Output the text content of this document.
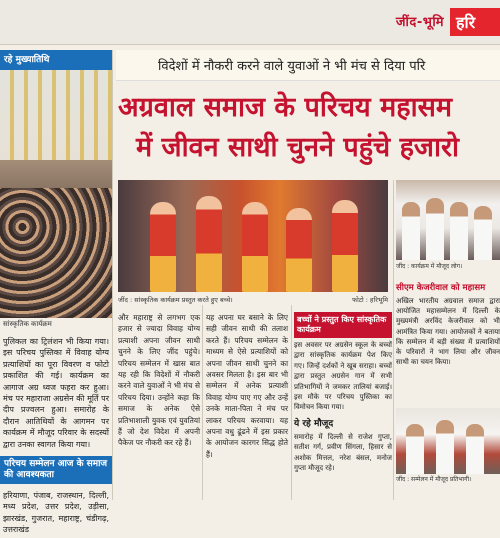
जींद-भूमि हरि
रहे मुख्यातिथि
सांस्कृतिक कार्यक्रम
पुलिकल का ट्रिलंशन भी किया गया। इस परिचय पुस्तिका में विवाह योग्य प्रत्याशियों का पूरा विवरण व फोटो प्रकाशित की गई। कार्यक्रम का आगाज अग्र ध्वज फहरा कर हुआ। मंच पर महाराजा अग्रसेन की मूर्ति पर दीप प्रज्वलन हुआ। समारोह के दौरान आतिथियों के आगमन पर कार्यक्रम में मौजूद परिवार के सदस्यों द्वारा उनका स्वागत किया गया।
परिचय सम्मेलन आज के समाज की आवश्यकता
हरियाणा, पंजाब, राजस्थान, दिल्ली, मध्य प्रदेश, उत्तर प्रदेश, उड़ीसा, झारखंड, गुजरात, महाराष्ट्र, चंडीगढ़, उत्तराखंड
विदेशों में नौकरी करने वाले युवाओं ने भी मंच से दिया परि
अग्रवाल समाज के परिचय महासम
में जीवन साथी चुनने पहुंचे हजारो
जींद : सांस्कृतिक कार्यक्रम प्रस्तुत करते हुए बच्चे।	फोटो : हरिभूमि
और महाराष्ट्र से लगभग एक हजार से ज्यादा विवाह योग्य प्रत्याशी अपना जीवन साथी चुनने के लिए जींद पहुंचे। परिचय सम्मेलन में खास बात यह रही कि विदेशों में नौकरी करने वाले युवाओं ने भी मंच से परिचय दिया। उन्होंने कहा कि समाज के अनेक ऐसे प्रतिभाशाली युवक एवं युवतियां हैं जो देश विदेश में अपनी पैकेज पर नौकरी कर रहे हैं।
यह अपना घर बसाने के लिए सही जीवन साथी की तलाश करते हैं। परिचय सम्मेलन के माध्यम से ऐसे प्रत्याशियों को अपना जीवन साथी चुनने का अवसर मिलता है। इस बार भी सम्मेलन में अनेक प्रत्याशी विवाह योग्य पाए गए और उन्हें उनके माता-पिता ने मंच पर लाकर परिचय करवाया। यह अपना वधु ढूंढने में इस प्रकार के आयोजन कारगर सिद्ध होते हैं।
बच्चों ने प्रस्तुत किए सांस्कृतिक कार्यक्रम
इस अवसर पर अग्रसेन स्कूल के बच्चों द्वारा सांस्कृतिक कार्यक्रम पेश किए गए। जिन्हें दर्शकों ने खूब सराहा। बच्चों द्वारा प्रस्तुत अग्रसेन गान में सभी प्रतिभागियों ने जमकर तालियां बजाई। इस मौके पर परिचय पुस्तिका का विमोचन किया गया।
ये रहे मौजूद
समारोह में दिल्ली से राजेश गुप्ता, सतीश गर्ग, प्रवीण सिंगला, हिसार से अशोक मित्तल, नरेश बंसल, मनोज गुप्ता मौजूद रहे।
जींद : कार्यक्रम में मौजूद लोग।
सीएम केजरीवाल को महासम
अखिल भारतीय अग्रवाल समाज द्वारा आयोजित महासम्मेलन में दिल्ली के मुख्यमंत्री अरविंद केजरीवाल को भी आमंत्रित किया गया। आयोजकों ने बताया कि सम्मेलन में बड़ी संख्या में प्रत्याशियों के परिवारों ने भाग लिया और जीवन साथी का चयन किया।
जींद : सम्मेलन में मौजूद प्रतिभागी।
